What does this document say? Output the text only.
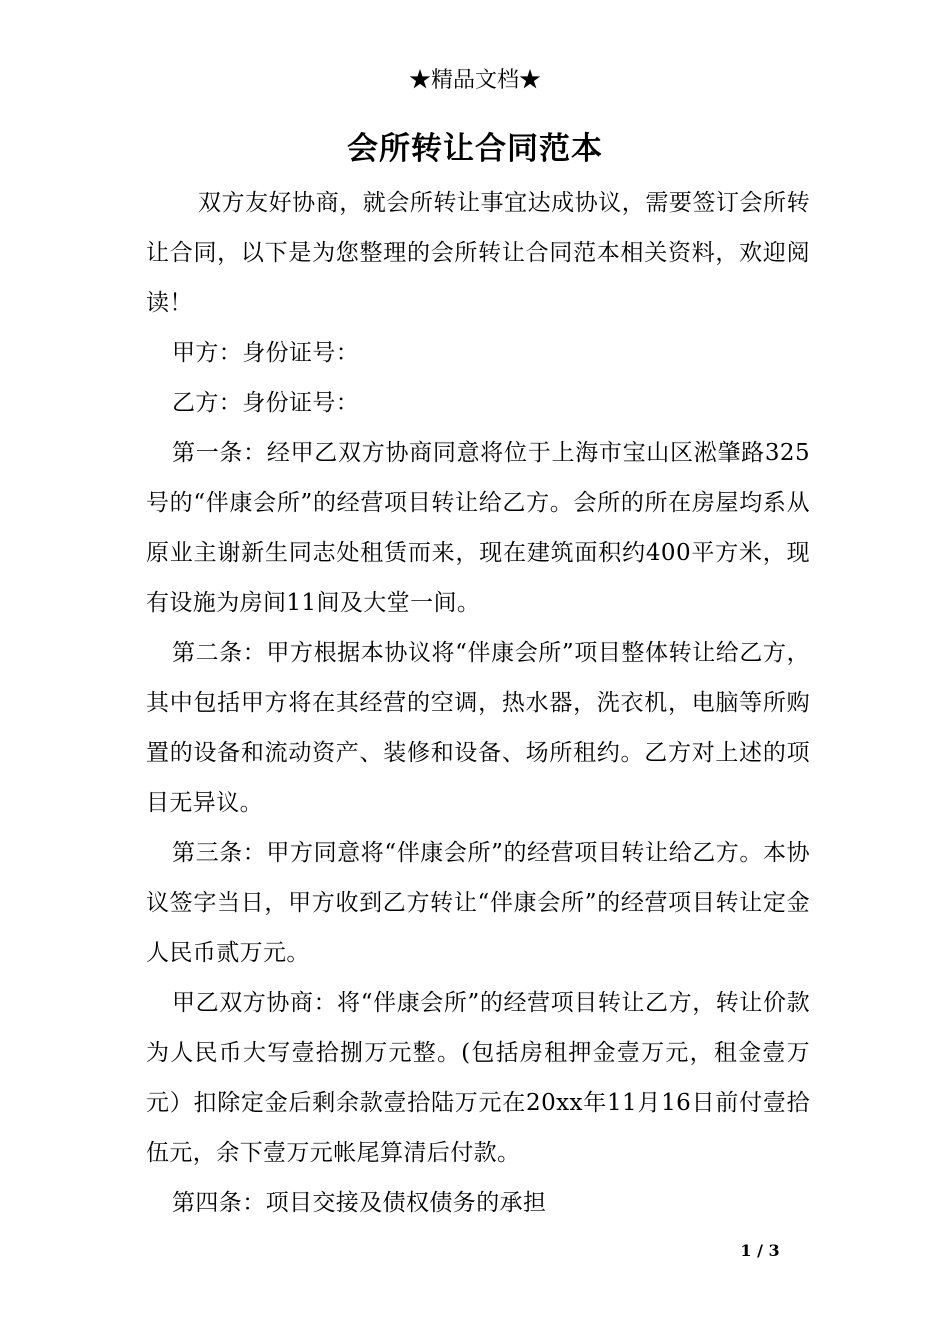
★精品文档★
会所转让合同范本

双方友好协商，就会所转让事宜达成协议，需要签订会所转让合同，以下是为您整理的会所转让合同范本相关资料，欢迎阅读！

甲方：身份证号：

乙方：身份证号：

第一条：经甲乙双方协商同意将位于上海市宝山区淞肇路325号的“伴康会所”的经营项目转让给乙方。会所的所在房屋均系从原业主谢新生同志处租赁而来，现在建筑面积约400平方米，现有设施为房间11间及大堂一间。

第二条：甲方根据本协议将“伴康会所”项目整体转让给乙方，其中包括甲方将在其经营的空调，热水器，洗衣机，电脑等所购置的设备和流动资产、装修和设备、场所租约。乙方对上述的项目无异议。

第三条：甲方同意将“伴康会所”的经营项目转让给乙方。本协议签字当日，甲方收到乙方转让“伴康会所”的经营项目转让定金人民币贰万元。

甲乙双方协商：将“伴康会所”的经营项目转让乙方，转让价款为人民币大写壹拾捌万元整。(包括房租押金壹万元，租金壹万元）扣除定金后剩余款壹拾陆万元在20xx年11月16日前付壹拾伍元，余下壹万元帐尾算清后付款。

第四条：项目交接及债权债务的承担

1 / 3
